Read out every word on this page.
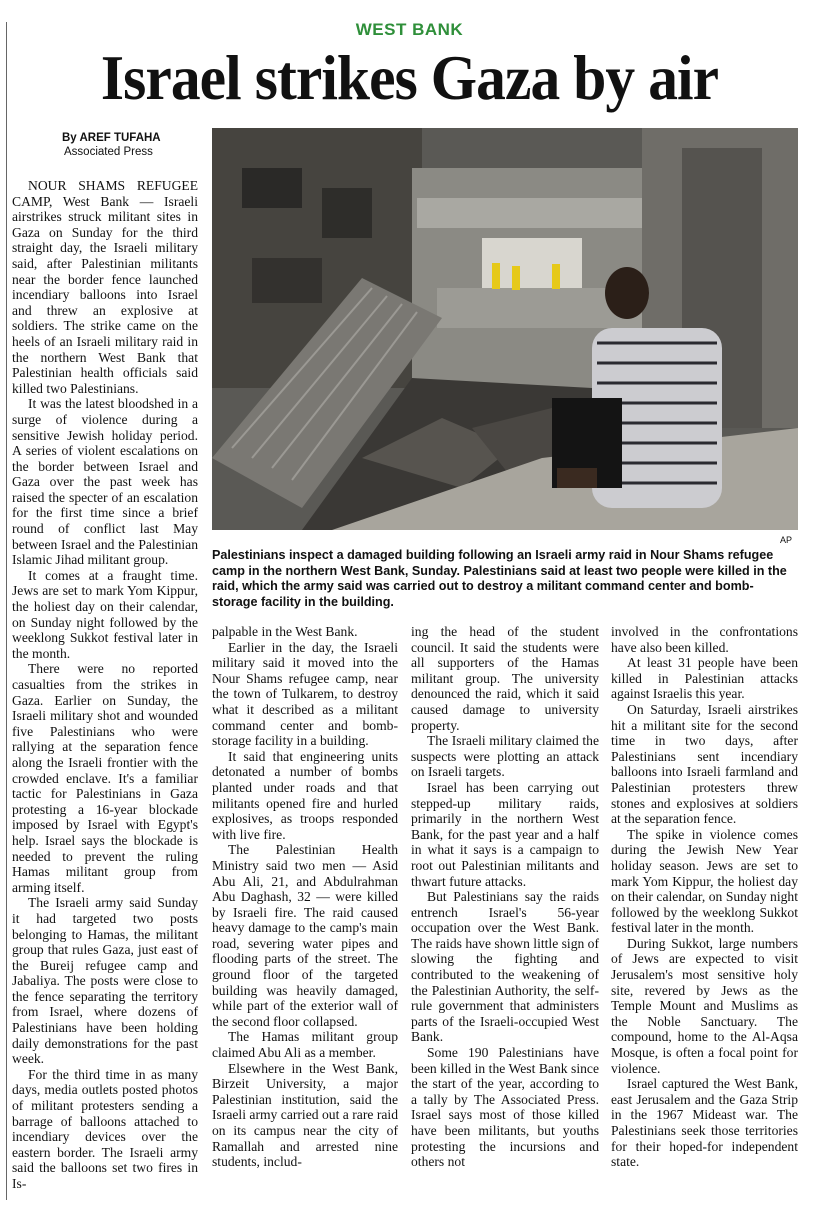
WEST BANK
Israel strikes Gaza by air
By AREF TUFAHA
Associated Press
AP
Palestinians inspect a damaged building following an Israeli army raid in Nour Shams refugee camp in the northern West Bank, Sunday. Palestinians said at least two people were killed in the raid, which the army said was carried out to destroy a militant command center and bomb-storage facility in the building.

NOUR SHAMS REFUGEE CAMP, West Bank — Israeli airstrikes struck militant sites in Gaza on Sunday for the third straight day, the Israeli military said, after Palestinian militants near the border fence launched incendiary balloons into Israel and threw an explosive at soldiers. The strike came on the heels of an Israeli military raid in the northern West Bank that Palestinian health officials said killed two Palestinians.

It was the latest bloodshed in a surge of violence during a sensitive Jewish holiday period. A series of violent escalations on the border between Israel and Gaza over the past week has raised the specter of an escalation for the first time since a brief round of conflict last May between Israel and the Palestinian Islamic Jihad militant group.

It comes at a fraught time. Jews are set to mark Yom Kippur, the holiest day on their calendar, on Sunday night followed by the weeklong Sukkot festival later in the month.

There were no reported casualties from the strikes in Gaza. Earlier on Sunday, the Israeli military shot and wounded five Palestinians who were rallying at the separation fence along the Israeli frontier with the crowded enclave. It's a familiar tactic for Palestinians in Gaza protesting a 16-year blockade imposed by Israel with Egypt's help. Israel says the blockade is needed to prevent the ruling Hamas militant group from arming itself.

The Israeli army said Sunday it had targeted two posts belonging to Hamas, the militant group that rules Gaza, just east of the Bureij refugee camp and Jabaliya. The posts were close to the fence separating the territory from Israel, where dozens of Palestinians have been holding daily demonstrations for the past week.

For the third time in as many days, media outlets posted photos of militant protesters sending a barrage of balloons attached to incendiary devices over the eastern border. The Israeli army said the balloons set two fires in Is-

palpable in the West Bank.

Earlier in the day, the Israeli military said it moved into the Nour Shams refugee camp, near the town of Tulkarem, to destroy what it described as a militant command center and bomb-storage facility in a building.

It said that engineering units detonated a number of bombs planted under roads and that militants opened fire and hurled explosives, as troops responded with live fire.

The Palestinian Health Ministry said two men — Asid Abu Ali, 21, and Abdulrahman Abu Daghash, 32 — were killed by Israeli fire. The raid caused heavy damage to the camp's main road, severing water pipes and flooding parts of the street. The ground floor of the targeted building was heavily damaged, while part of the exterior wall of the second floor collapsed.

The Hamas militant group claimed Abu Ali as a member.

Elsewhere in the West Bank, Birzeit University, a major Palestinian institution, said the Israeli army carried out a rare raid on its campus near the city of Ramallah and arrested nine students, includ-

ing the head of the student council. It said the students were all supporters of the Hamas militant group. The university denounced the raid, which it said caused damage to university property.

The Israeli military claimed the suspects were plotting an attack on Israeli targets.

Israel has been carrying out stepped-up military raids, primarily in the northern West Bank, for the past year and a half in what it says is a campaign to root out Palestinian militants and thwart future attacks.

But Palestinians say the raids entrench Israel's 56-year occupation over the West Bank. The raids have shown little sign of slowing the fighting and contributed to the weakening of the Palestinian Authority, the self-rule government that administers parts of the Israeli-occupied West Bank.

Some 190 Palestinians have been killed in the West Bank since the start of the year, according to a tally by The Associated Press. Israel says most of those killed have been militants, but youths protesting the incursions and others not

involved in the confrontations have also been killed.

At least 31 people have been killed in Palestinian attacks against Israelis this year.

On Saturday, Israeli airstrikes hit a militant site for the second time in two days, after Palestinians sent incendiary balloons into Israeli farmland and Palestinian protesters threw stones and explosives at soldiers at the separation fence.

The spike in violence comes during the Jewish New Year holiday season. Jews are set to mark Yom Kippur, the holiest day on their calendar, on Sunday night followed by the weeklong Sukkot festival later in the month.

During Sukkot, large numbers of Jews are expected to visit Jerusalem's most sensitive holy site, revered by Jews as the Temple Mount and Muslims as the Noble Sanctuary. The compound, home to the Al-Aqsa Mosque, is often a focal point for violence.

Israel captured the West Bank, east Jerusalem and the Gaza Strip in the 1967 Mideast war. The Palestinians seek those territories for their hoped-for independent state.
